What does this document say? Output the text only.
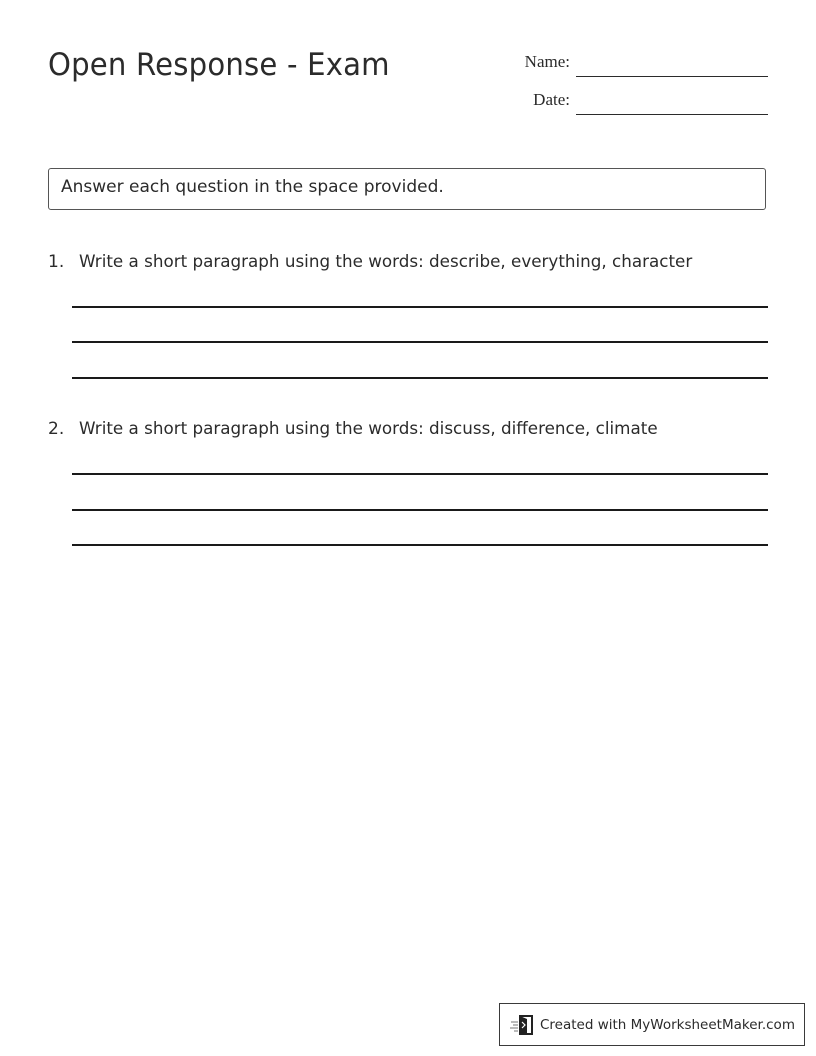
Open Response - Exam	Name:
Date:
Answer each question in the space provided.
1. Write a short paragraph using the words: describe, everything, character
2. Write a short paragraph using the words: discuss, difference, climate
Created with MyWorksheetMaker.com
